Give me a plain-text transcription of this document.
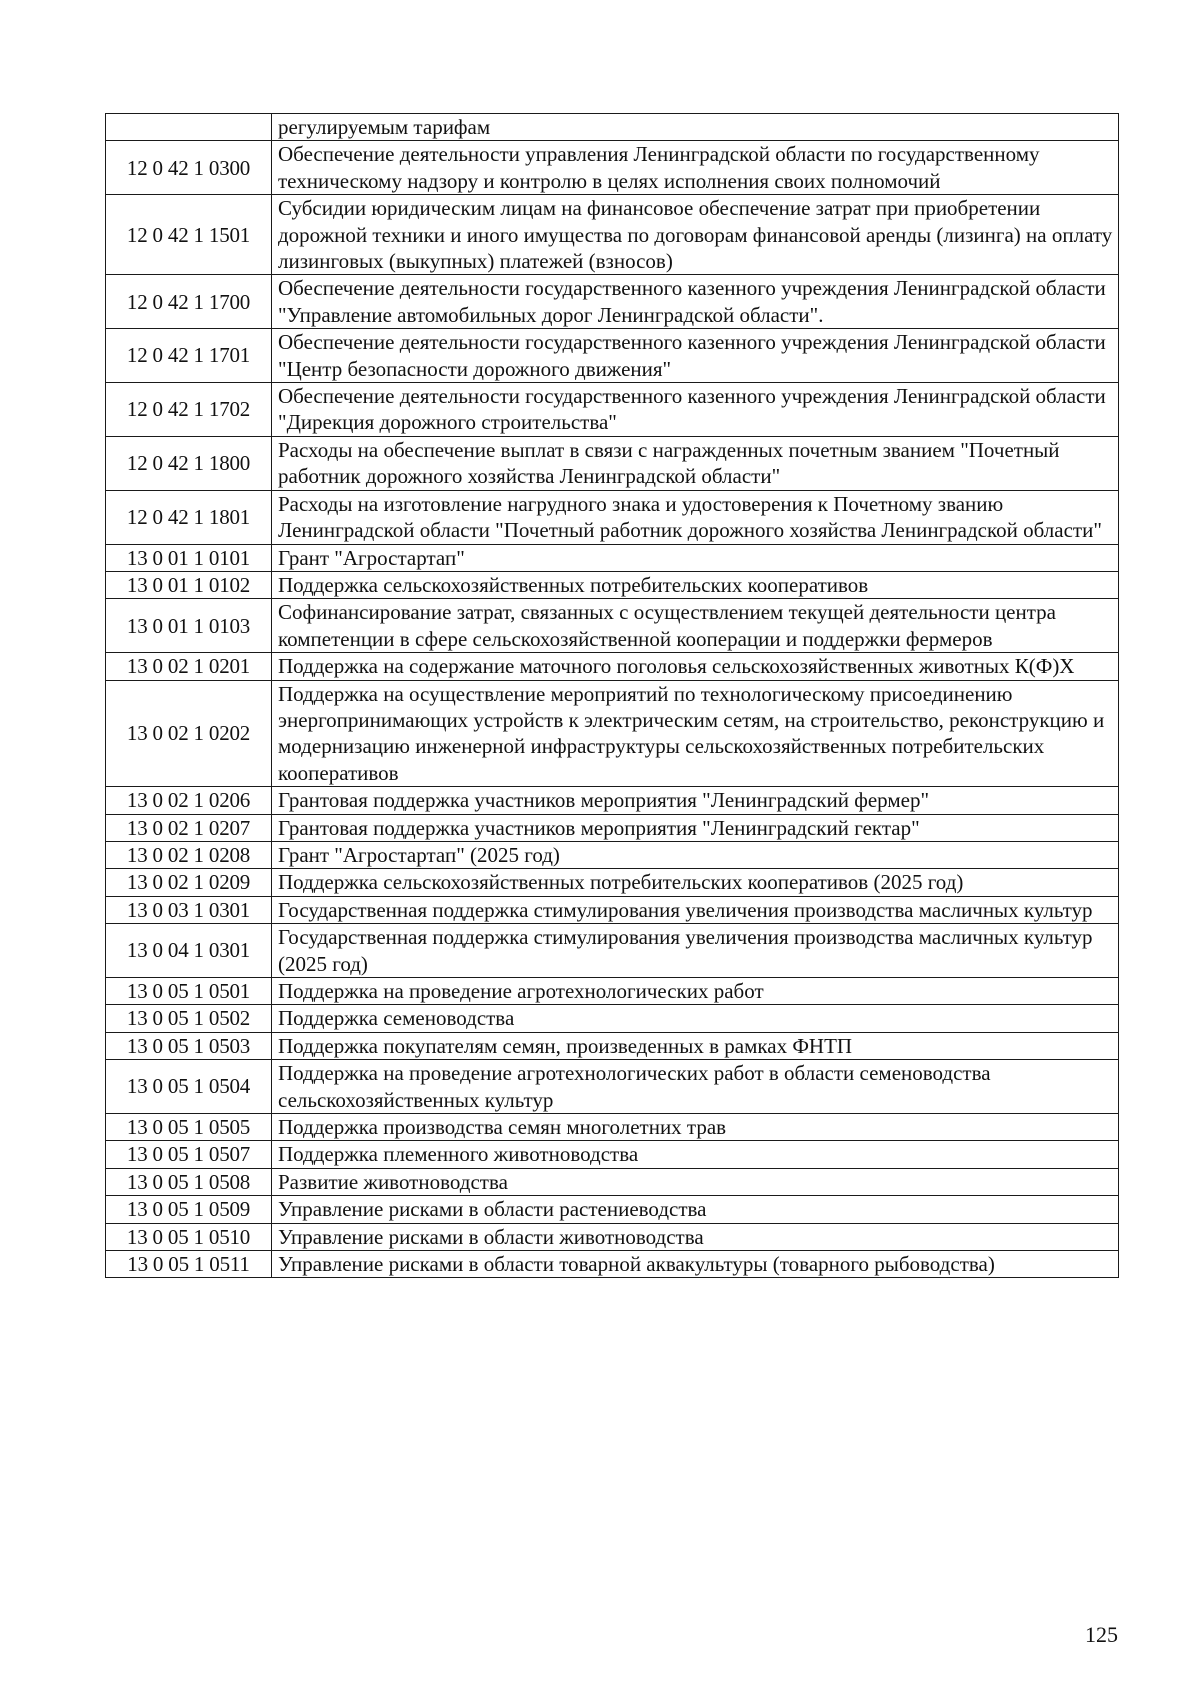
	регулируемым тарифам
12 0 42 1 0300	Обеспечение деятельности управления Ленинградской области по государственному техническому надзору и контролю в целях исполнения своих полномочий
12 0 42 1 1501	Субсидии юридическим лицам на финансовое обеспечение затрат при приобретении дорожной техники и иного имущества по договорам финансовой аренды (лизинга) на оплату лизинговых (выкупных) платежей (взносов)
12 0 42 1 1700	Обеспечение деятельности государственного казенного учреждения Ленинградской области "Управление автомобильных дорог Ленинградской области".
12 0 42 1 1701	Обеспечение деятельности государственного казенного учреждения Ленинградской области "Центр безопасности дорожного движения"
12 0 42 1 1702	Обеспечение деятельности государственного казенного учреждения Ленинградской области "Дирекция дорожного строительства"
12 0 42 1 1800	Расходы на обеспечение выплат в связи с награжденных почетным званием "Почетный работник дорожного хозяйства Ленинградской области"
12 0 42 1 1801	Расходы на изготовление нагрудного знака и удостоверения к Почетному званию Ленинградской области "Почетный работник дорожного хозяйства Ленинградской области"
13 0 01 1 0101	Грант "Агростартап"
13 0 01 1 0102	Поддержка сельскохозяйственных потребительских кооперативов
13 0 01 1 0103	Софинансирование затрат, связанных с осуществлением текущей деятельности центра компетенции в сфере сельскохозяйственной кооперации и поддержки фермеров
13 0 02 1 0201	Поддержка на содержание маточного поголовья сельскохозяйственных животных К(Ф)Х
13 0 02 1 0202	Поддержка на осуществление мероприятий по технологическому присоединению энергопринимающих устройств к электрическим сетям, на строительство, реконструкцию и модернизацию инженерной инфраструктуры сельскохозяйственных потребительских кооперативов
13 0 02 1 0206	Грантовая поддержка участников мероприятия "Ленинградский фермер"
13 0 02 1 0207	Грантовая поддержка участников мероприятия "Ленинградский гектар"
13 0 02 1 0208	Грант "Агростартап" (2025 год)
13 0 02 1 0209	Поддержка сельскохозяйственных потребительских кооперативов (2025 год)
13 0 03 1 0301	Государственная поддержка стимулирования увеличения производства масличных культур
13 0 04 1 0301	Государственная поддержка стимулирования увеличения производства масличных культур (2025 год)
13 0 05 1 0501	Поддержка на проведение агротехнологических работ
13 0 05 1 0502	Поддержка семеноводства
13 0 05 1 0503	Поддержка покупателям семян, произведенных в рамках ФНТП
13 0 05 1 0504	Поддержка на проведение агротехнологических работ в области семеноводства сельскохозяйственных культур
13 0 05 1 0505	Поддержка производства семян многолетних трав
13 0 05 1 0507	Поддержка племенного животноводства
13 0 05 1 0508	Развитие животноводства
13 0 05 1 0509	Управление рисками в области растениеводства
13 0 05 1 0510	Управление рисками в области животноводства
13 0 05 1 0511	Управление рисками в области товарной аквакультуры (товарного рыбоводства)
125
